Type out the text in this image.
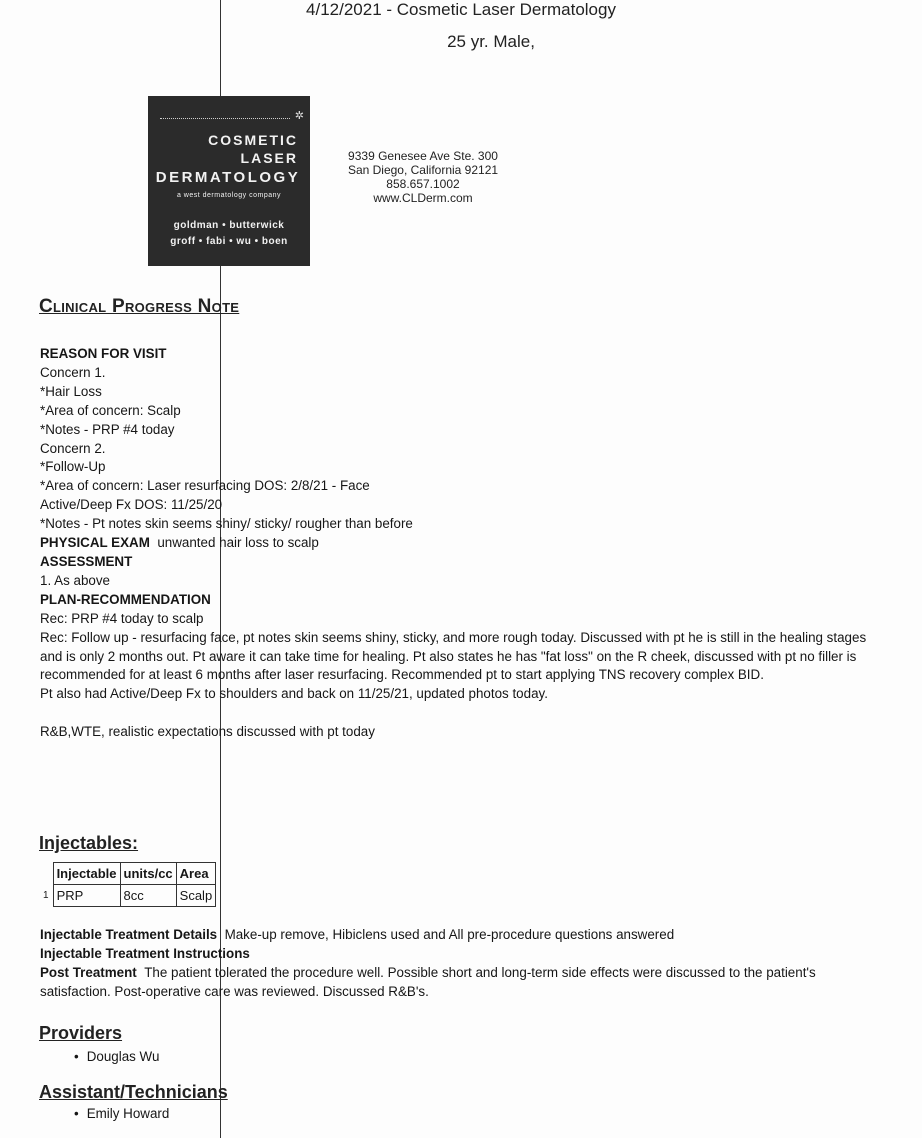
4/12/2021 - Cosmetic Laser Dermatology
25 yr. Male,
✲
COSMETIC
LASER
DERMATOLOGY
a west dermatology company
goldman • butterwick
groff • fabi • wu • boen
9339 Genesee Ave Ste. 300
San Diego, California 92121
858.657.1002
www.CLDerm.com
Clinical Progress Note
REASON FOR VISIT
Concern 1.
*Hair Loss
*Area of concern: Scalp
*Notes - PRP #4 today
Concern 2.
*Follow-Up
*Area of concern: Laser resurfacing DOS: 2/8/21 - Face
Active/Deep Fx DOS: 11/25/20
*Notes - Pt notes skin seems shiny/ sticky/ rougher than before
PHYSICAL EXAM unwanted hair loss to scalp
ASSESSMENT
1. As above
PLAN-RECOMMENDATION
Rec: PRP #4 today to scalp
Rec: Follow up - resurfacing face, pt notes skin seems shiny, sticky, and more rough today. Discussed with pt he is still in the healing stages and is only 2 months out. Pt aware it can take time for healing. Pt also states he has "fat loss" on the R cheek, discussed with pt no filler is recommended for at least 6 months after laser resurfacing. Recommended pt to start applying TNS recovery complex BID.
Pt also had Active/Deep Fx to shoulders and back on 11/25/21, updated photos today.
R&B,WTE, realistic expectations discussed with pt today
Injectables:
	Injectable	units/cc	Area
1	PRP	8cc	Scalp
Injectable Treatment Details Make-up remove, Hibiclens used and All pre-procedure questions answered
Injectable Treatment Instructions
Post Treatment The patient tolerated the procedure well. Possible short and long-term side effects were discussed to the patient's satisfaction. Post-operative care was reviewed. Discussed R&B's.
Providers
• Douglas Wu
Assistant/Technicians
• Emily Howard
